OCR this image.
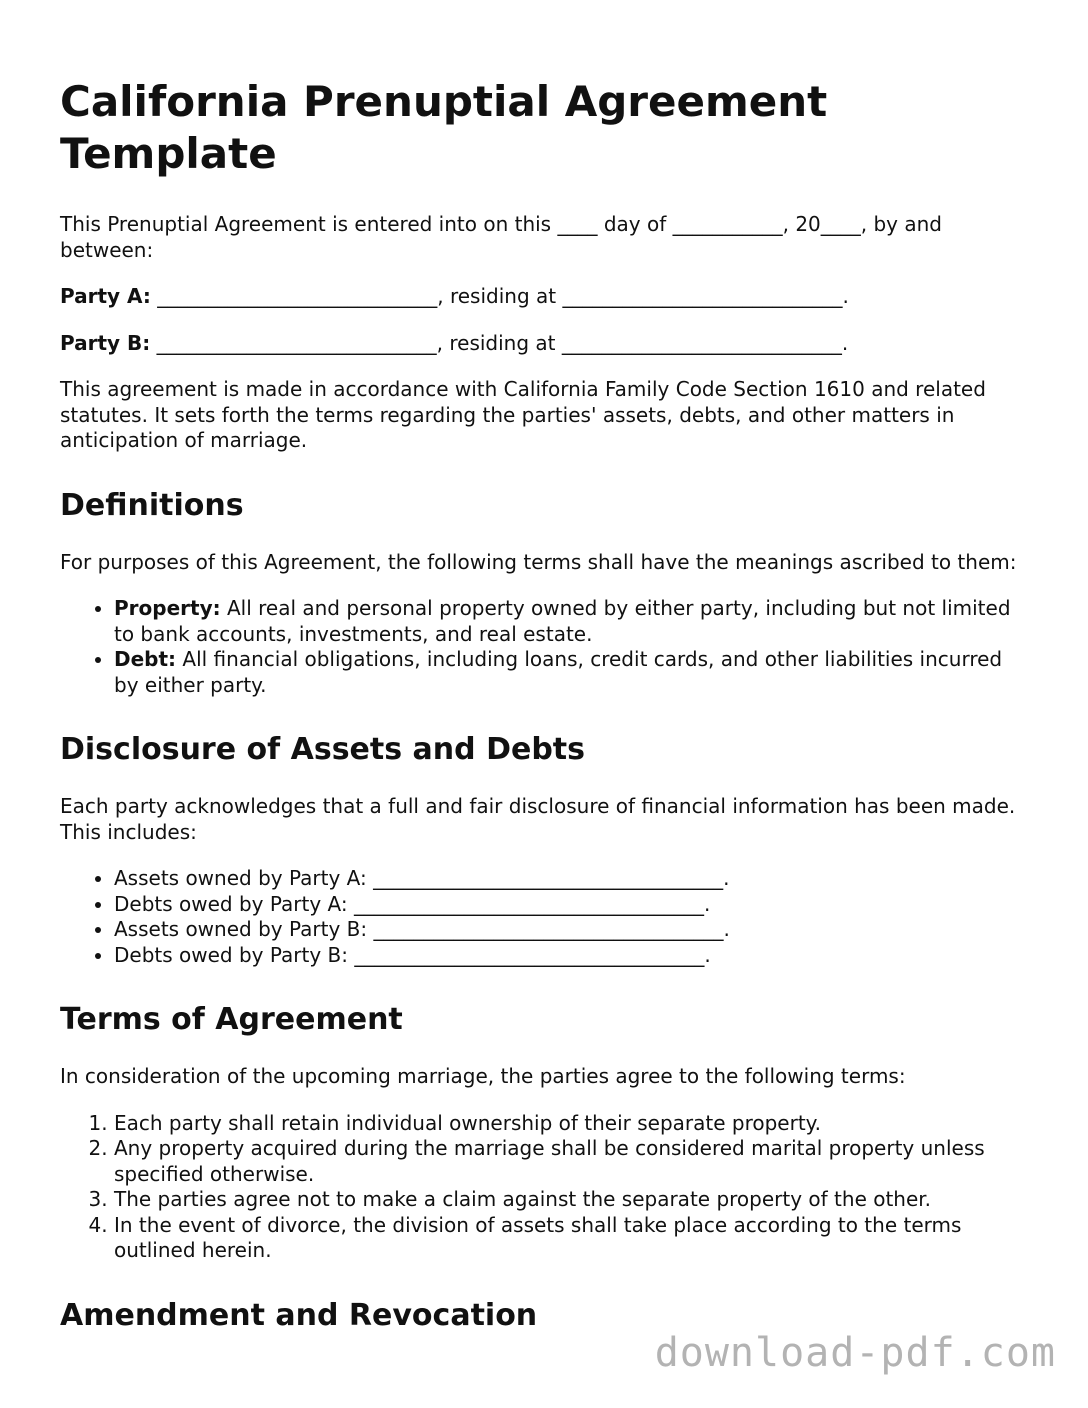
California Prenuptial Agreement Template

This Prenuptial Agreement is entered into on this ____ day of ___________, 20____, by and between:

Party A: ____________________________, residing at ____________________________.

Party B: ____________________________, residing at ____________________________.

This agreement is made in accordance with California Family Code Section 1610 and related statutes. It sets forth the terms regarding the parties' assets, debts, and other matters in anticipation of marriage.

Definitions

For purposes of this Agreement, the following terms shall have the meanings ascribed to them:

• Property: All real and personal property owned by either party, including but not limited to bank accounts, investments, and real estate.
• Debt: All financial obligations, including loans, credit cards, and other liabilities incurred by either party.
Disclosure of Assets and Debts

Each party acknowledges that a full and fair disclosure of financial information has been made. This includes:

• Assets owned by Party A: ___________________________________.
• Debts owed by Party A: ___________________________________.
• Assets owned by Party B: ___________________________________.
• Debts owed by Party B: ___________________________________.
Terms of Agreement

In consideration of the upcoming marriage, the parties agree to the following terms:

1. Each party shall retain individual ownership of their separate property.
2. Any property acquired during the marriage shall be considered marital property unless specified otherwise.
3. The parties agree not to make a claim against the separate property of the other.
4. In the event of divorce, the division of assets shall take place according to the terms outlined herein.
Amendment and Revocation
download-pdf.com
